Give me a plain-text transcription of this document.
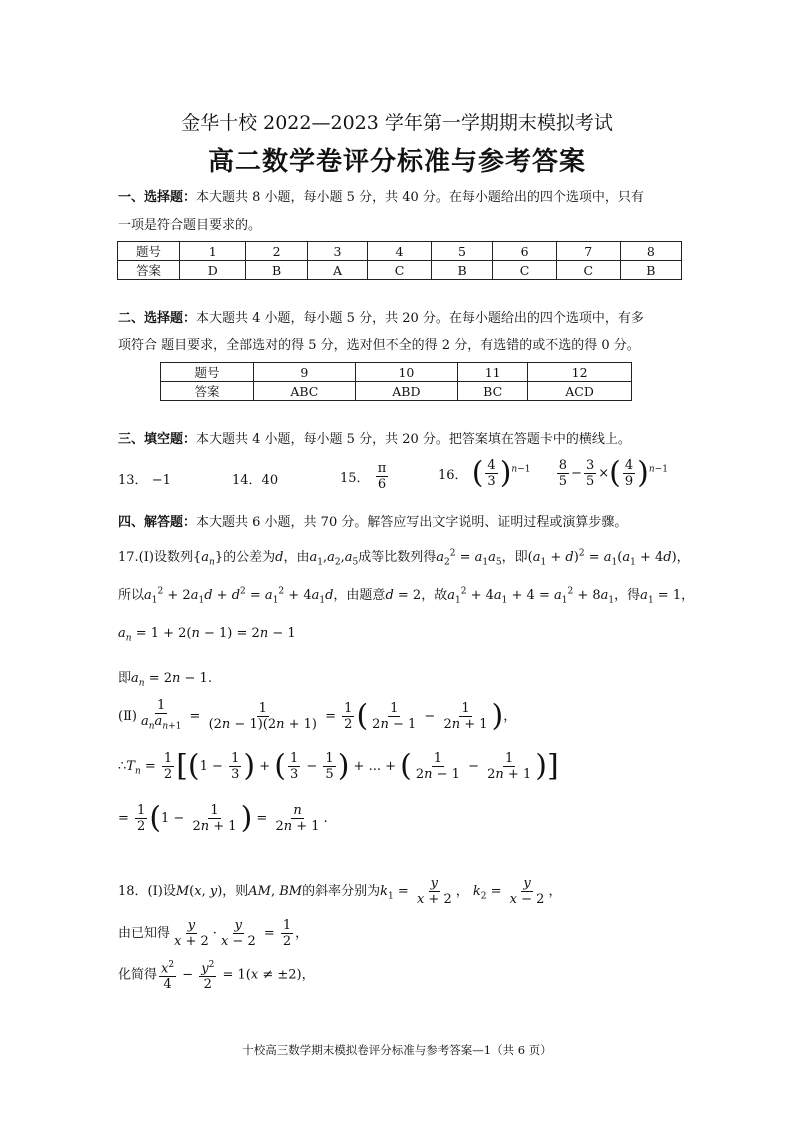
金华十校 2022—2023 学年第一学期期末模拟考试
高二数学卷评分标准与参考答案
一、选择题：本大题共 8 小题，每小题 5 分，共 40 分。在每小题给出的四个选项中，只有
一项是符合题目要求的。
题号	1	2	3	4	5	6	7	8
答案	D	B	A	C	B	C	C	B
二、选择题：本大题共 4 小题，每小题 5 分，共 20 分。在每小题给出的四个选项中，有多
项符合 题目要求，全部选对的得 5 分，选对但不全的得 2 分，有选错的或不选的得 0 分。
题号	9	10	11	12
答案	ABC	ABD	BC	ACD
三、填空题：本大题共 4 小题，每小题 5 分，共 20 分。把答案填在答题卡中的横线上。
13． −1	14．40	15． $\frac{\pi}{6}$	16． ( $\frac{4}{3} )^{n-1} \frac{8}{5} - \frac{3}{5}$ ×( $\frac{4}{9} )^{n-1}$
四、解答题：本大题共 6 小题，共 70 分。解答应写出文字说明、证明过程或演算步骤。
17.(Ⅰ)设数列$\{a_n\}$的公差为d，由$a_1,a_2,a_5$成等比数列得$a_2^2 = a_1a_5$，即$(a_1 + d)^2 = a_1(a_1 + 4d)$，
所以$a_1^2 + 2a_1d + d^2 = a_1^2 + 4a_1d$，由题意d = 2，故$a_1^2 + 4a_1 + 4 = a_1^2 + 8a_1$，得$a_1 = 1$，
$a_n = 1 + 2(n - 1) = 2n - 1$
即$a_n = 2n - 1$.
(Ⅱ) $\frac{1}{a_na_{n+1}} = \frac{1}{(2n - 1)(2n + 1)} = \frac{1}{2}$ ( $\frac{1}{2n - 1} - \frac{1}{2n + 1}$ )，
$\therefore T_n = \frac{1}{2} [(1 - \frac{1}{3}$ ) + ( $\frac{1}{3} - \frac{1}{5}$ ) + ... + ( $\frac{1}{2n - 1} - \frac{1}{2n + 1}$ )]
= $\frac{1}{2} (1 - \frac{1}{2n + 1}$ ) = $\frac{n}{2n + 1}$ .
18．(Ⅰ)设M(x, y)，则AM, BM的斜率分别为$k_1 = \frac{y}{x + 2}$ ， $k_2 = \frac{y}{x - 2}$ ，
由已知得 $\frac{y}{x + 2} \cdot \frac{y}{x - 2} = \frac{1}{2}$ ，
化简得 $\frac{x^2}{4} - \frac{y^2}{2} = 1(x \ne \pm 2)$，
十校高三数学期末模拟卷评分标准与参考答案—1（共 6 页）
